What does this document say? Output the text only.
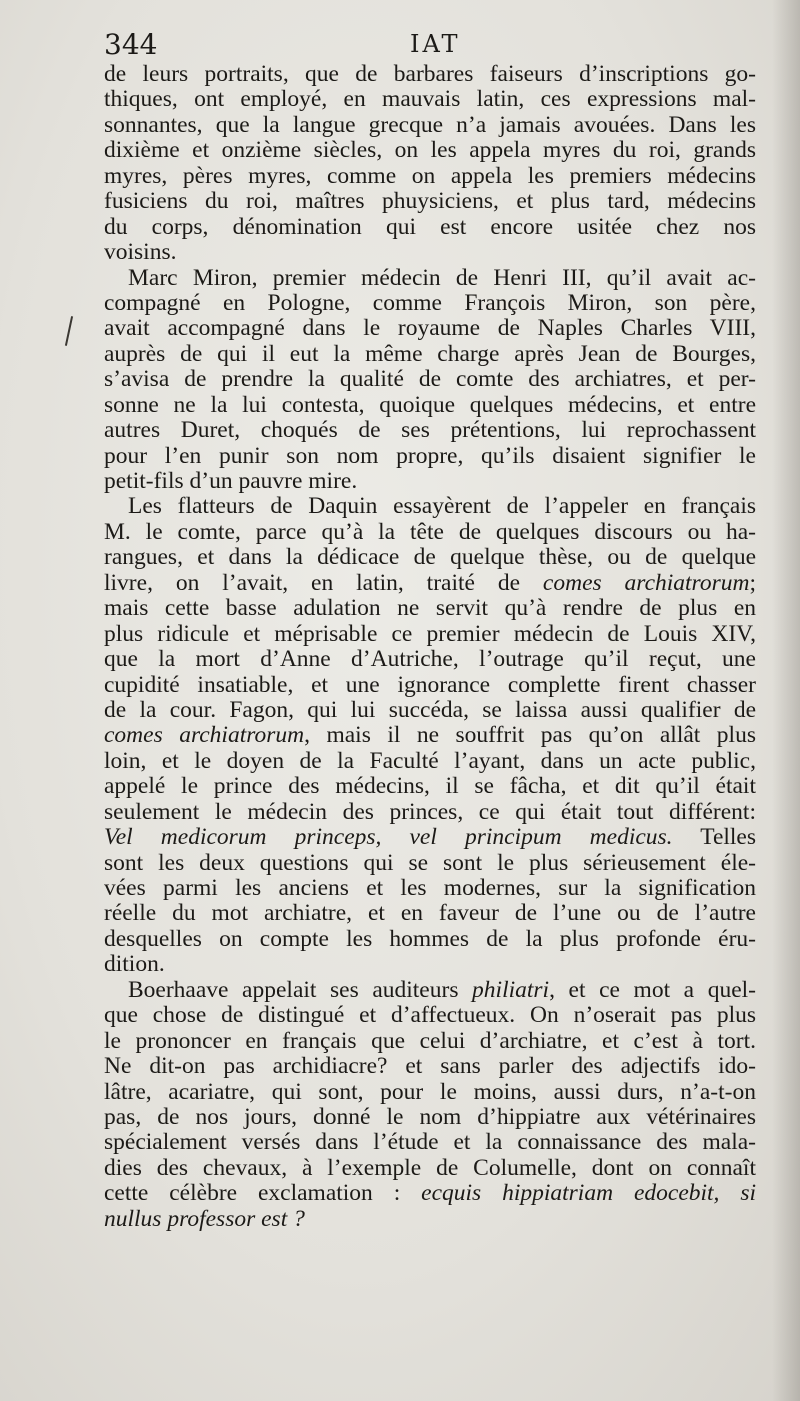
344	IAT
de leurs portraits, que de barbares faiseurs d’inscriptions go-
thiques, ont employé, en mauvais latin, ces expressions mal-
sonnantes, que la langue grecque n’a jamais avouées. Dans les
dixième et onzième siècles, on les appela myres du roi, grands
myres, pères myres, comme on appela les premiers médecins
fusiciens du roi, maîtres phuysiciens, et plus tard, médecins
du corps, dénomination qui est encore usitée chez nos
voisins.
Marc Miron, premier médecin de Henri III, qu’il avait ac-
compagné en Pologne, comme François Miron, son père,
avait accompagné dans le royaume de Naples Charles VIII,
auprès de qui il eut la même charge après Jean de Bourges,
s’avisa de prendre la qualité de comte des archiatres, et per-
sonne ne la lui contesta, quoique quelques médecins, et entre
autres Duret, choqués de ses prétentions, lui reprochassent
pour l’en punir son nom propre, qu’ils disaient signifier le
petit-fils d’un pauvre mire.
Les flatteurs de Daquin essayèrent de l’appeler en français
M. le comte, parce qu’à la tête de quelques discours ou ha-
rangues, et dans la dédicace de quelque thèse, ou de quelque
livre, on l’avait, en latin, traité de comes archiatrorum;
mais cette basse adulation ne servit qu’à rendre de plus en
plus ridicule et méprisable ce premier médecin de Louis XIV,
que la mort d’Anne d’Autriche, l’outrage qu’il reçut, une
cupidité insatiable, et une ignorance complette firent chasser
de la cour. Fagon, qui lui succéda, se laissa aussi qualifier de
comes archiatrorum, mais il ne souffrit pas qu’on allât plus
loin, et le doyen de la Faculté l’ayant, dans un acte public,
appelé le prince des médecins, il se fâcha, et dit qu’il était
seulement le médecin des princes, ce qui était tout différent:
Vel medicorum princeps, vel principum medicus. Telles
sont les deux questions qui se sont le plus sérieusement éle-
vées parmi les anciens et les modernes, sur la signification
réelle du mot archiatre, et en faveur de l’une ou de l’autre
desquelles on compte les hommes de la plus profonde éru-
dition.
Boerhaave appelait ses auditeurs philiatri, et ce mot a quel-
que chose de distingué et d’affectueux. On n’oserait pas plus
le prononcer en français que celui d’archiatre, et c’est à tort.
Ne dit-on pas archidiacre? et sans parler des adjectifs ido-
lâtre, acariatre, qui sont, pour le moins, aussi durs, n’a-t-on
pas, de nos jours, donné le nom d’hippiatre aux vétérinaires
spécialement versés dans l’étude et la connaissance des mala-
dies des chevaux, à l’exemple de Columelle, dont on connaît
cette célèbre exclamation : ecquis hippiatriam edocebit, si
nullus professor est ?
